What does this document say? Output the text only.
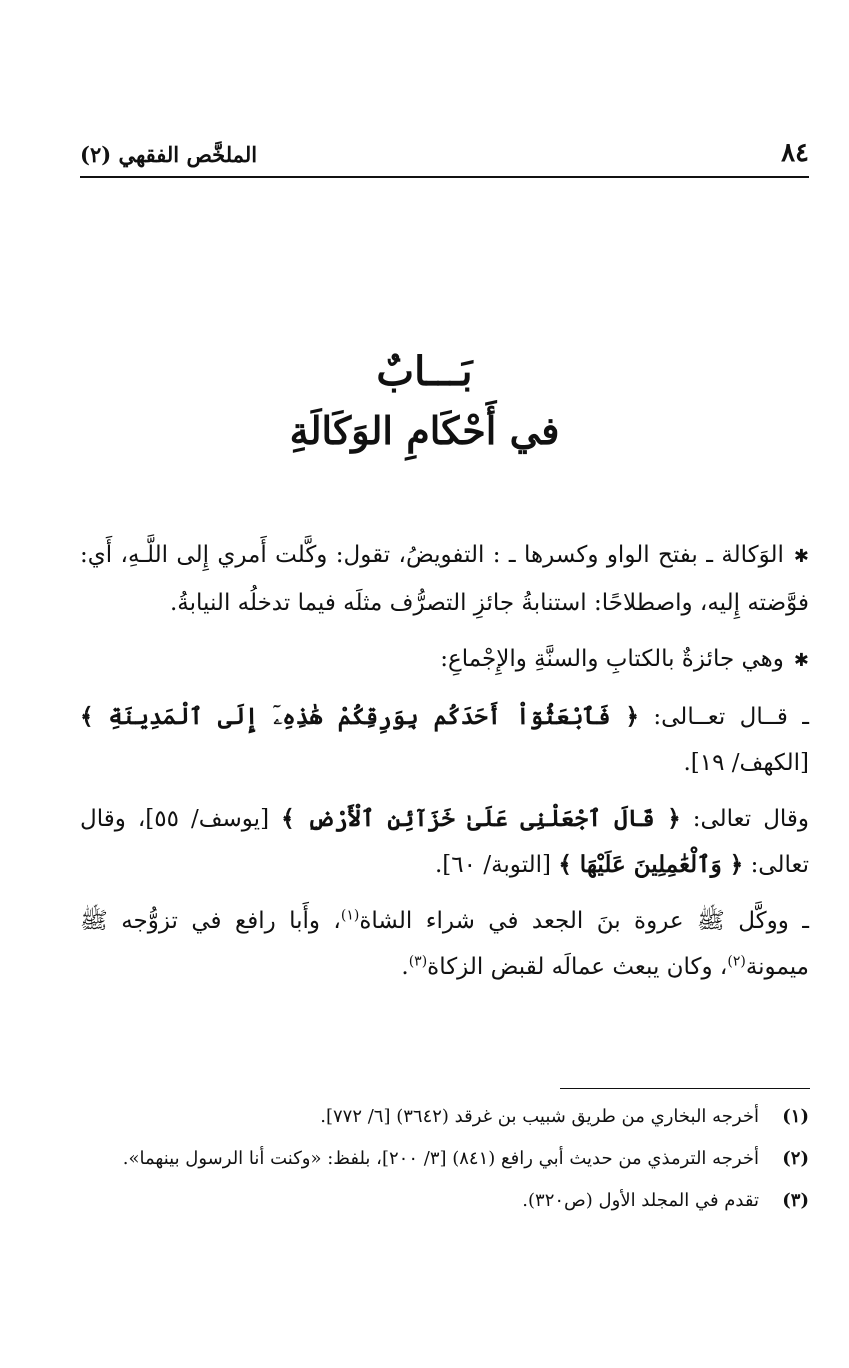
٨٤
الملخَّص الفقهي (٢)
بَـــابٌ
في أَحْكَامِ الوَكَالَةِ

✱الوَكالة ـ بفتح الواو وكسرها ـ : التفويضُ، تقول: وكَّلت أَمري إِلى اللَّـهِ، أَي: فوَّضته إِليه، واصطلاحًا: استنابةُ جائزِ التصرُّف مثلَه فيما تدخلُه النيابةُ.

✱وهي جائزةٌ بالكتابِ والسنَّةِ والإِجْماعِ:

ـ قــال تعــالى: ﴿ فَٱبْعَثُوٓاْ أَحَدَكُم بِوَرِقِكُمْ هَٰذِهِۦٓ إِلَى ٱلْمَدِينَةِ ﴾ [الكهف/ ١٩].

وقال تعالى: ﴿ قَالَ ٱجْعَلْنِى عَلَىٰ خَزَآئِنِ ٱلْأَرْضِ ﴾ [يوسف/ ٥٥]، وقال تعالى: ﴿ وَٱلْعَٰمِلِينَ عَلَيْهَا ﴾ [التوبة/ ٦٠].

ـ ووكَّل ﷺ عروة بنَ الجعد في شراء الشاة$^{(١)}$، وأَبا رافع في تزوُّجه ﷺ ميمونة$^{(٢)}$، وكان يبعث عمالَه لقبض الزكاة$^{(٣)}$.

(١)
أخرجه البخاري من طريق شبيب بن غرقد (٣٦٤٢) [٦/ ٧٧٢].
(٢)
أخرجه الترمذي من حديث أبي رافع (٨٤١) [٣/ ٢٠٠]، بلفظ: «وكنت أنا الرسول بينهما».
(٣)
تقدم في المجلد الأول (ص٣٢٠).
